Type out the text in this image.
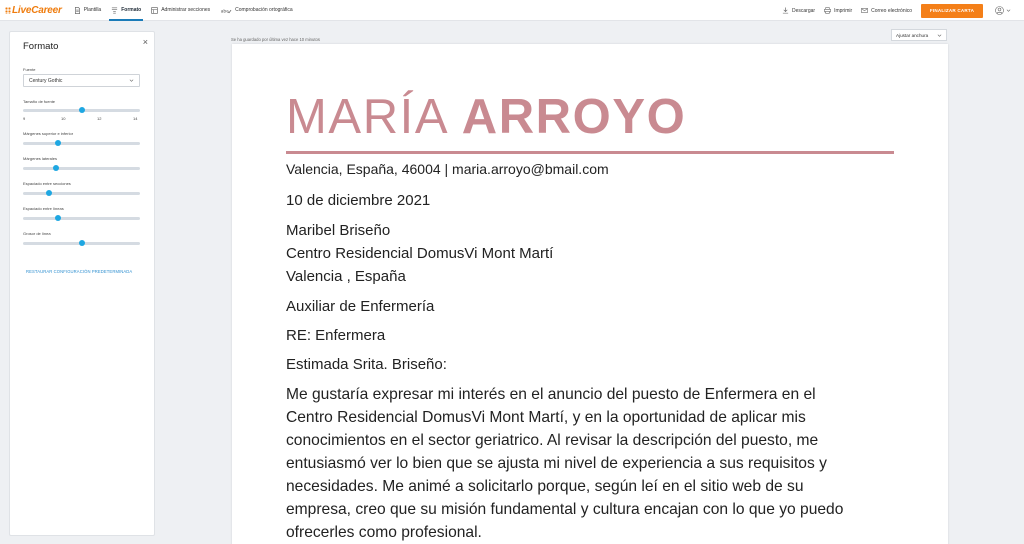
LiveCareer	Plantilla	Formato	Administrar secciones abc Comprobación ortográfica	Descargar	Imprimir	Correo electrónico	FINALIZAR CARTA
Formato	×
Fuente
Century Gothic
Tamaño de fuente
9	10	12	14
Márgenes superior e inferior
Márgenes laterales
Espaciado entre secciones
Espaciado entre líneas
Grosor de línea
RESTAURAR CONFIGURACIÓN PREDETERMINADA
Se ha guardado por última vez hace 10 minutos
Ajustar anchura
MARÍA ARROYO
Valencia, España, 46004 | maria.arroyo@bmail.com
10 de diciembre 2021
Maribel Briseño
Centro Residencial DomusVi Mont Martí
Valencia , España
Auxiliar de Enfermería
RE: Enfermera
Estimada Srita. Briseño:
Me gustaría expresar mi interés en el anuncio del puesto de Enfermera en el
Centro Residencial DomusVi Mont Martí, y en la oportunidad de aplicar mis
conocimientos en el sector geriatrico. Al revisar la descripción del puesto, me
entusiasmó ver lo bien que se ajusta mi nivel de experiencia a sus requisitos y
necesidades. Me animé a solicitarlo porque, según leí en el sitio web de su
empresa, creo que su misión fundamental y cultura encajan con lo que yo puedo
ofrecerles como profesional.
